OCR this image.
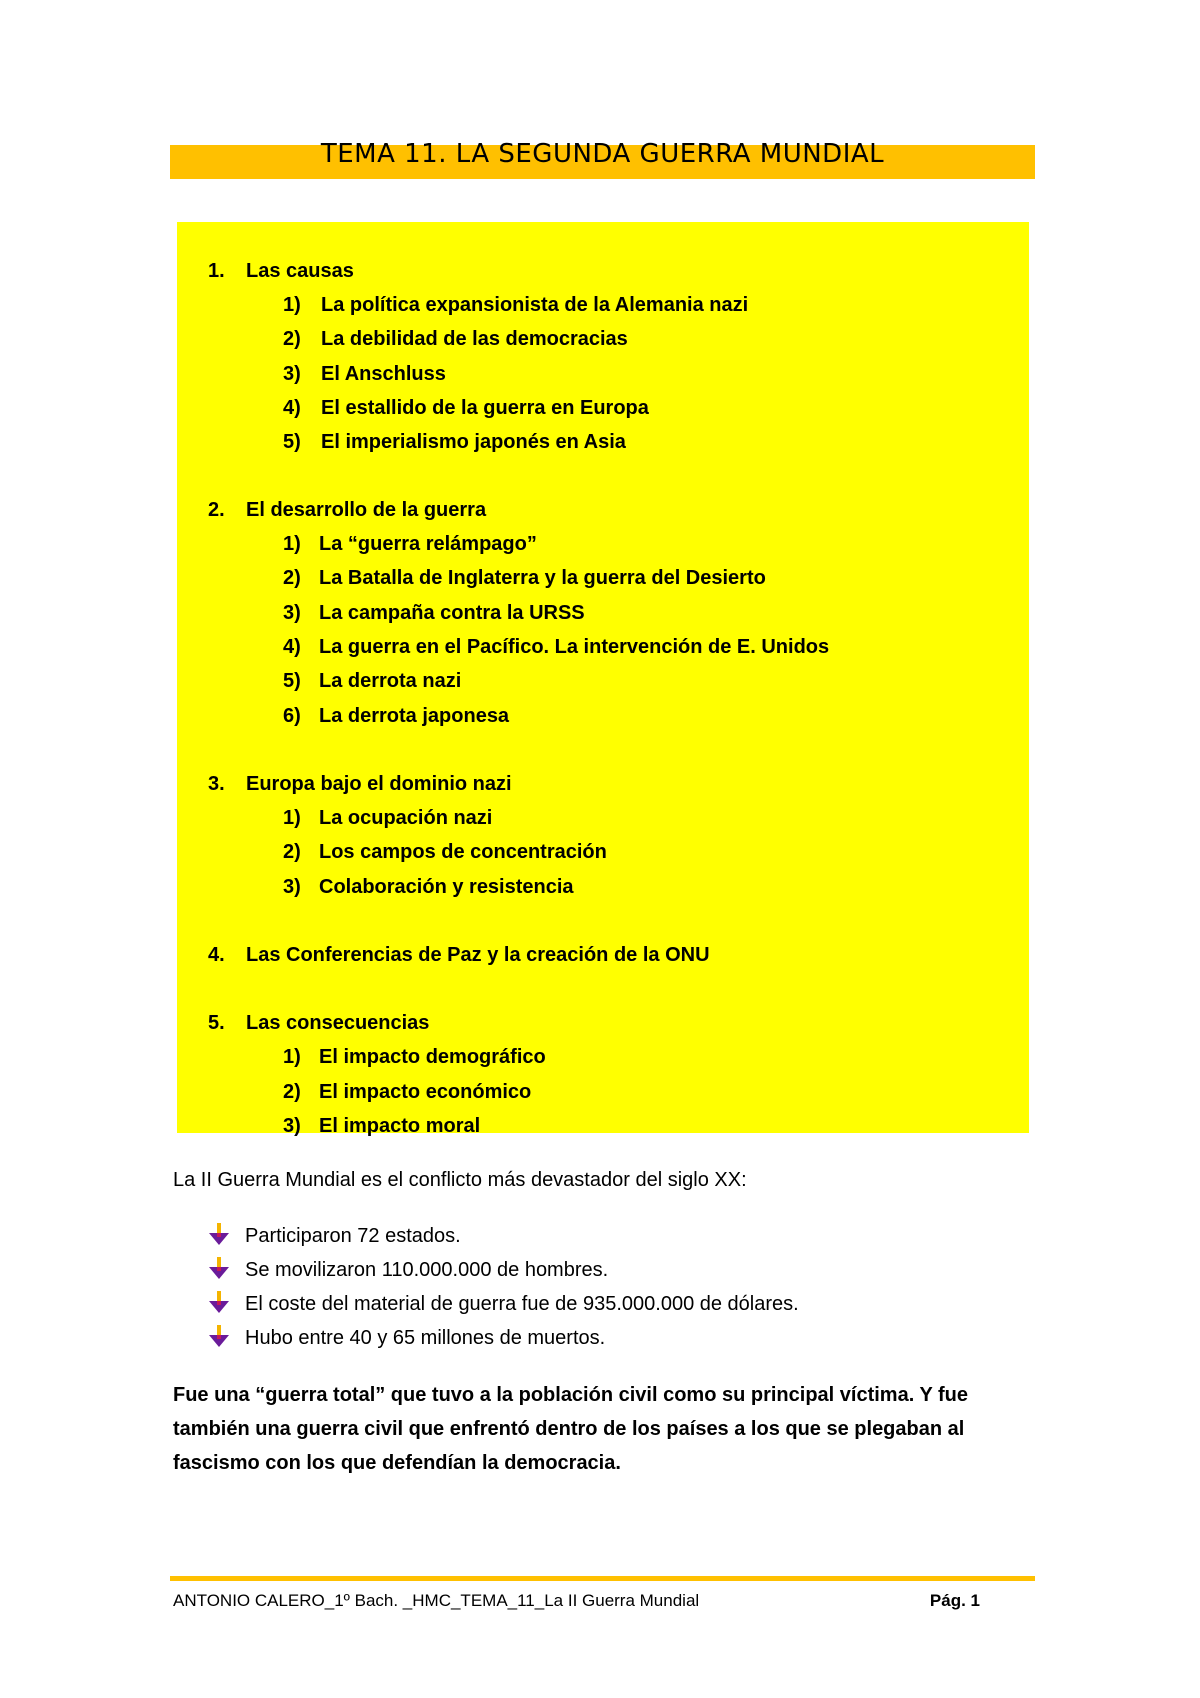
TEMA 11. LA SEGUNDA GUERRA MUNDIAL
1. Las causas
1) La política expansionista de la Alemania nazi
2) La debilidad de las democracias
3) El Anschluss
4) El estallido de la guerra en Europa
5) El imperialismo japonés en Asia
2. El desarrollo de la guerra
1) La “guerra relámpago”
2) La Batalla de Inglaterra y la guerra del Desierto
3) La campaña contra la URSS
4) La guerra en el Pacífico. La intervención de E. Unidos
5) La derrota nazi
6) La derrota japonesa
3. Europa bajo el dominio nazi
1) La ocupación nazi
2) Los campos de concentración
3) Colaboración y resistencia
4. Las Conferencias de Paz y la creación de la ONU
5. Las consecuencias
1) El impacto demográfico
2) El impacto económico
3) El impacto moral
La II Guerra Mundial es el conflicto más devastador del siglo XX:
Participaron 72 estados.
Se movilizaron 110.000.000 de hombres.
El coste del material de guerra fue de 935.000.000 de dólares.
Hubo entre 40 y 65 millones de muertos.
Fue una “guerra total” que tuvo a la población civil como su principal víctima. Y fue
también una guerra civil que enfrentó dentro de los países a los que se plegaban al
fascismo con los que defendían la democracia.
ANTONIO CALERO_1º Bach. _HMC_TEMA_11_La II Guerra Mundial	Pág. 1
